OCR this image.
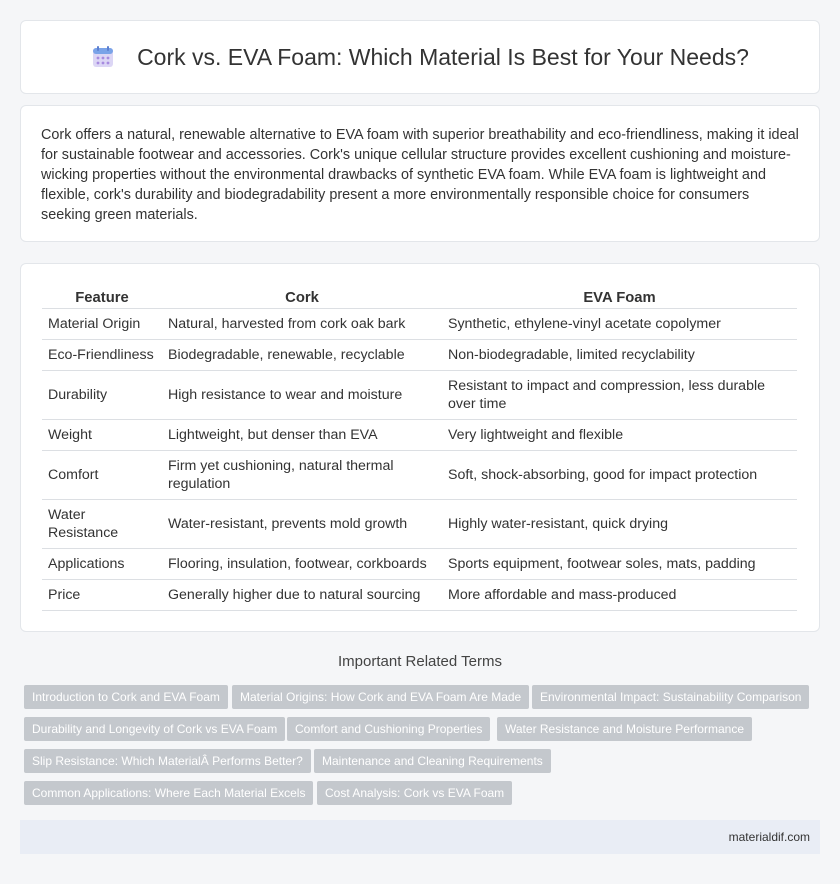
Cork vs. EVA Foam: Which Material Is Best for Your Needs?

Cork offers a natural, renewable alternative to EVA foam with superior breathability and eco-friendliness, making it ideal for sustainable footwear and accessories. Cork's unique cellular structure provides excellent cushioning and moisture-wicking properties without the environmental drawbacks of synthetic EVA foam. While EVA foam is lightweight and flexible, cork's durability and biodegradability present a more environmentally responsible choice for consumers seeking green materials.

Feature	Cork	EVA Foam
Material Origin	Natural, harvested from cork oak bark	Synthetic, ethylene-vinyl acetate copolymer
Eco-Friendliness	Biodegradable, renewable, recyclable	Non-biodegradable, limited recyclability
Durability	High resistance to wear and moisture	Resistant to impact and compression, less durable over time
Weight	Lightweight, but denser than EVA	Very lightweight and flexible
Comfort	Firm yet cushioning, natural thermal regulation	Soft, shock-absorbing, good for impact protection
Water Resistance	Water-resistant, prevents mold growth	Highly water-resistant, quick drying
Applications	Flooring, insulation, footwear, corkboards	Sports equipment, footwear soles, mats, padding
Price	Generally higher due to natural sourcing	More affordable and mass-produced
Important Related Terms
Introduction to Cork and EVA Foam	Material Origins: How Cork and EVA Foam Are Made	Environmental Impact: Sustainability Comparison
Durability and Longevity of Cork vs EVA Foam	Comfort and Cushioning Properties	Water Resistance and Moisture Performance
Slip Resistance: Which MaterialÂ Performs Better?	Maintenance and Cleaning Requirements
Common Applications: Where Each Material Excels	Cost Analysis: Cork vs EVA Foam
materialdif.com
